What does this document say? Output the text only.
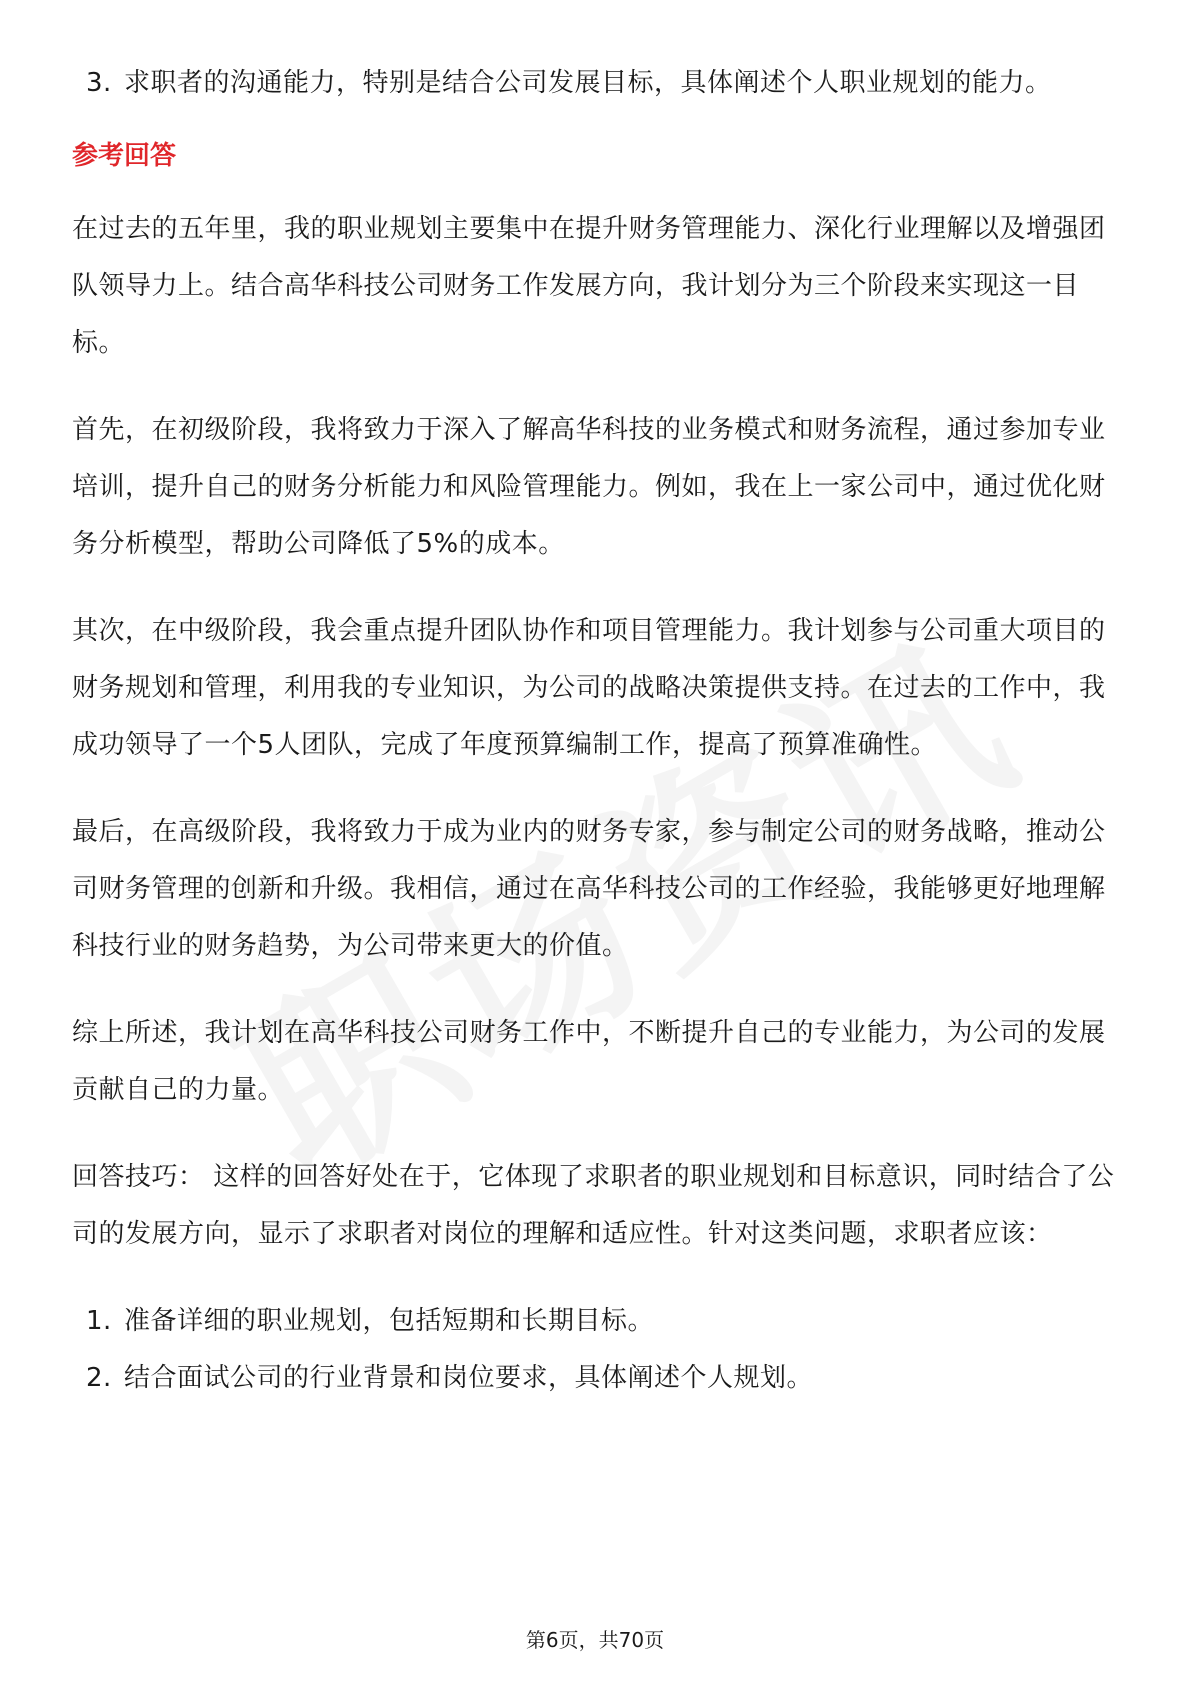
3. 求职者的沟通能力，特别是结合公司发展目标，具体阐述个人职业规划的能力。
参考回答

在过去的五年里，我的职业规划主要集中在提升财务管理能力、深化行业理解以及增强团队领导力上。结合高华科技公司财务工作发展方向，我计划分为三个阶段来实现这一目标。

首先，在初级阶段，我将致力于深入了解高华科技的业务模式和财务流程，通过参加专业培训，提升自己的财务分析能力和风险管理能力。例如，我在上一家公司中，通过优化财务分析模型，帮助公司降低了5%的成本。

其次，在中级阶段，我会重点提升团队协作和项目管理能力。我计划参与公司重大项目的财务规划和管理，利用我的专业知识，为公司的战略决策提供支持。在过去的工作中，我成功领导了一个5人团队，完成了年度预算编制工作，提高了预算准确性。

最后，在高级阶段，我将致力于成为业内的财务专家，参与制定公司的财务战略，推动公司财务管理的创新和升级。我相信，通过在高华科技公司的工作经验，我能够更好地理解科技行业的财务趋势，为公司带来更大的价值。

综上所述，我计划在高华科技公司财务工作中，不断提升自己的专业能力，为公司的发展贡献自己的力量。

回答技巧： 这样的回答好处在于，它体现了求职者的职业规划和目标意识，同时结合了公司的发展方向，显示了求职者对岗位的理解和适应性。针对这类问题，求职者应该：

1. 准备详细的职业规划，包括短期和长期目标。
2. 结合面试公司的行业背景和岗位要求，具体阐述个人规划。
第6页，共70页
